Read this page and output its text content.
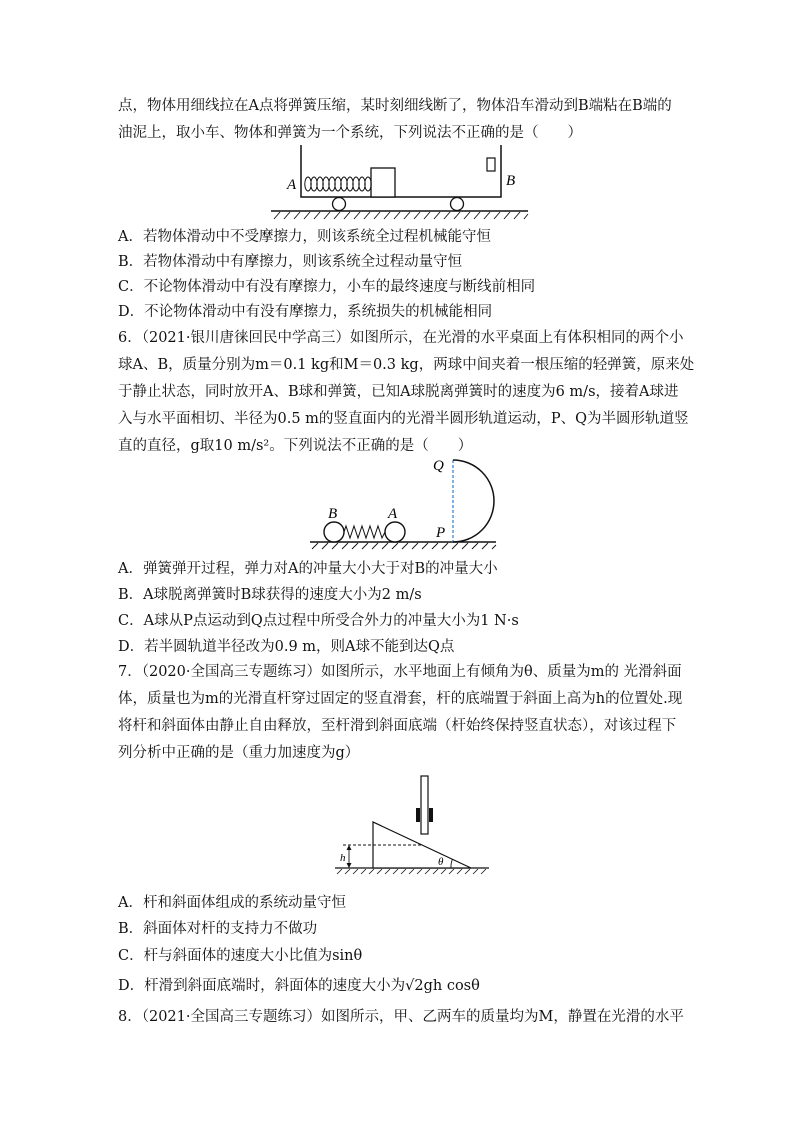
点，物体用细线拉在A点将弹簧压缩，某时刻细线断了，物体沿车滑动到B端粘在B端的
油泥上，取小车、物体和弹簧为一个系统，下列说法不正确的是（　　）
A	B
A．若物体滑动中不受摩擦力，则该系统全过程机械能守恒
B．若物体滑动中有摩擦力，则该系统全过程动量守恒
C．不论物体滑动中有没有摩擦力，小车的最终速度与断线前相同
D．不论物体滑动中有没有摩擦力，系统损失的机械能相同
6．（2021·银川唐徕回民中学高三）如图所示，在光滑的水平桌面上有体积相同的两个小
球A、B，质量分别为m＝0.1 kg和M＝0.3 kg，两球中间夹着一根压缩的轻弹簧，原来处
于静止状态，同时放开A、B球和弹簧，已知A球脱离弹簧时的速度为6 m/s，接着A球进
入与水平面相切、半径为0.5 m的竖直面内的光滑半圆形轨道运动，P、Q为半圆形轨道竖
直的直径，g取10 m/s²。下列说法不正确的是（　　）
Q
B	A
P
A．弹簧弹开过程，弹力对A的冲量大小大于对B的冲量大小
B．A球脱离弹簧时B球获得的速度大小为2 m/s
C．A球从P点运动到Q点过程中所受合外力的冲量大小为1 N·s
D．若半圆轨道半径改为0.9 m，则A球不能到达Q点
7．（2020·全国高三专题练习）如图所示，水平地面上有倾角为θ、质量为m的 光滑斜面
体，质量也为m的光滑直杆穿过固定的竖直滑套，杆的底端置于斜面上高为h的位置处.现
将杆和斜面体由静止自由释放，至杆滑到斜面底端（杆始终保持竖直状态），对该过程下
列分析中正确的是（重力加速度为g）
h	θ
A．杆和斜面体组成的系统动量守恒
B．斜面体对杆的支持力不做功
C．杆与斜面体的速度大小比值为sinθ
D．杆滑到斜面底端时，斜面体的速度大小为√2gh cosθ
8．（2021·全国高三专题练习）如图所示，甲、乙两车的质量均为M，静置在光滑的水平
